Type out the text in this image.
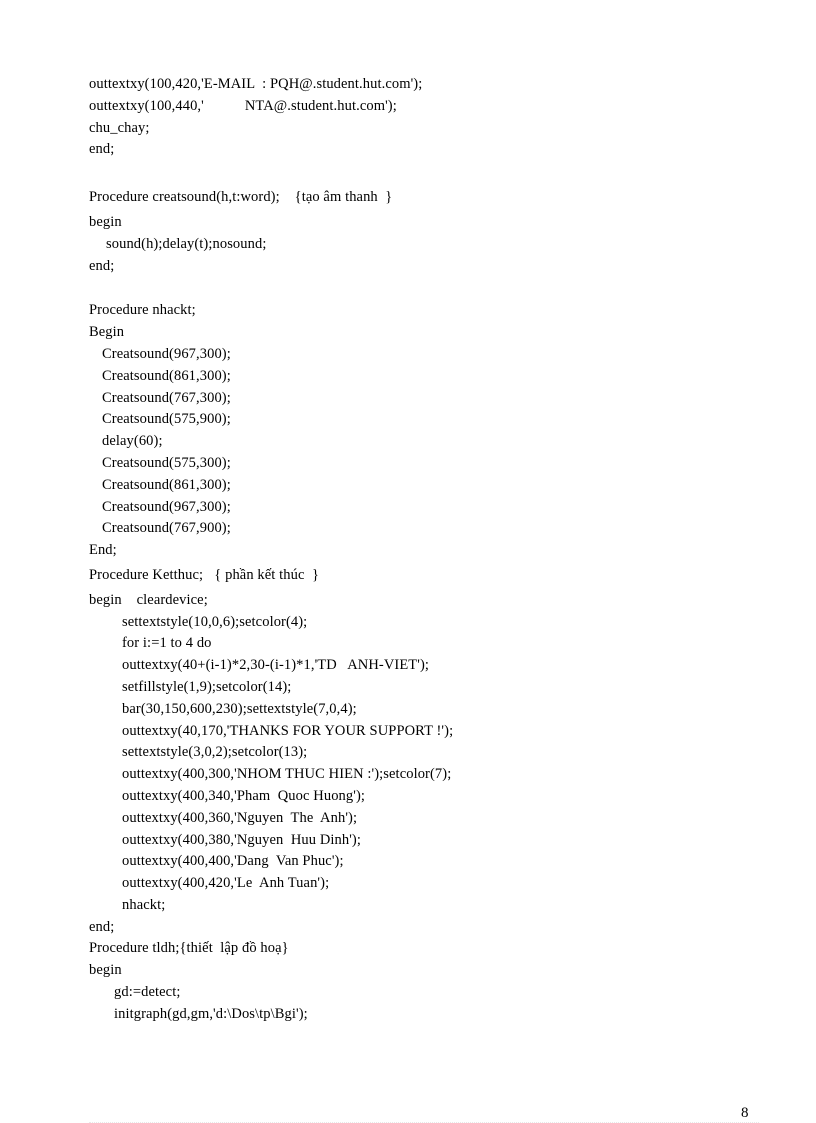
outtextxy(100,420,'E-MAIL  : PQH@.student.hut.com');
outtextxy(100,440,'           NTA@.student.hut.com');
chu_chay;
end;
Procedure creatsound(h,t:word);    {tạo âm thanh  }
begin
sound(h);delay(t);nosound;
end;
Procedure nhackt;
Begin
Creatsound(967,300);
Creatsound(861,300);
Creatsound(767,300);
Creatsound(575,900);
delay(60);
Creatsound(575,300);
Creatsound(861,300);
Creatsound(967,300);
Creatsound(767,900);
End;
Procedure Ketthuc;   { phần kết thúc  }
begin    cleardevice;
settextstyle(10,0,6);setcolor(4);
for i:=1 to 4 do
outtextxy(40+(i-1)*2,30-(i-1)*1,'TD   ANH-VIET');
setfillstyle(1,9);setcolor(14);
bar(30,150,600,230);settextstyle(7,0,4);
outtextxy(40,170,'THANKS FOR YOUR SUPPORT !');
settextstyle(3,0,2);setcolor(13);
outtextxy(400,300,'NHOM THUC HIEN :');setcolor(7);
outtextxy(400,340,'Pham  Quoc Huong');
outtextxy(400,360,'Nguyen  The  Anh');
outtextxy(400,380,'Nguyen  Huu Dinh');
outtextxy(400,400,'Dang  Van Phuc');
outtextxy(400,420,'Le  Anh Tuan');
nhackt;
end;
Procedure tldh;{thiết  lập đồ hoạ}
begin
gd:=detect;
initgraph(gd,gm,'d:\Dos\tp\Bgi');
8
